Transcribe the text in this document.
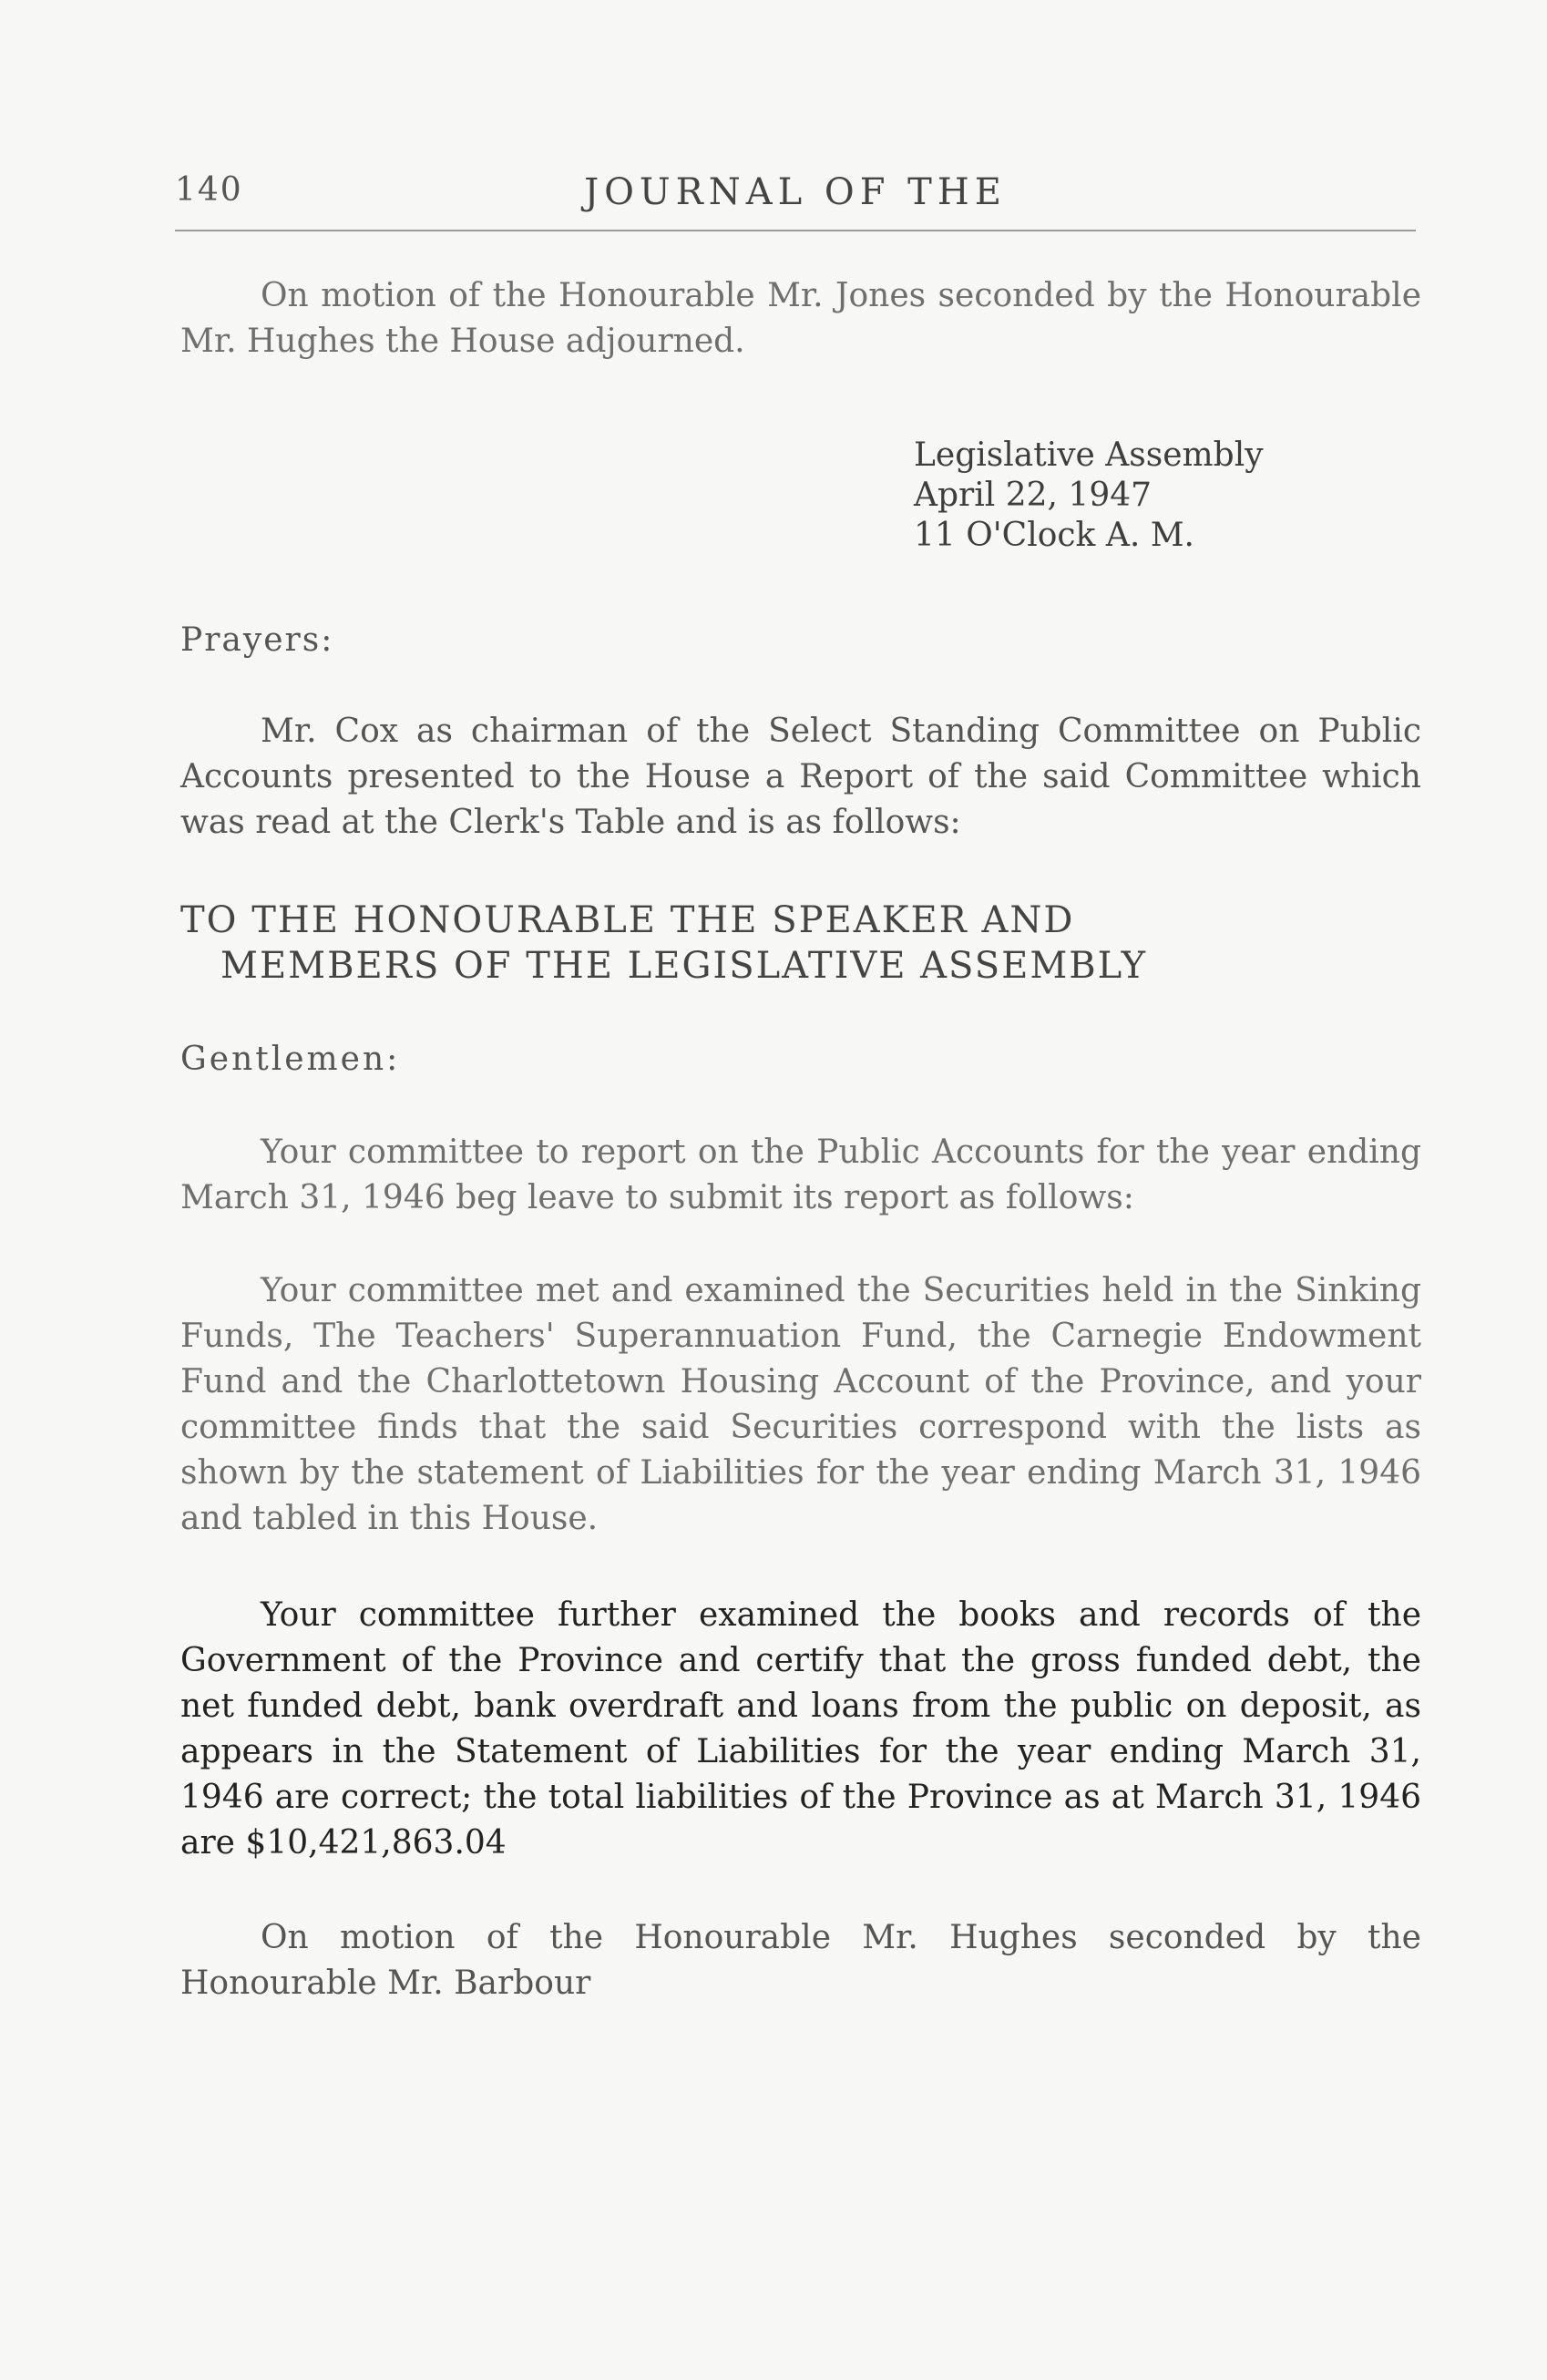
140	JOURNAL OF THE

On motion of the Honourable Mr. Jones seconded by the Honourable Mr. Hughes the House adjourned.

Legislative Assembly
April 22, 1947
11 O'Clock A. M.
Prayers:

Mr. Cox as chairman of the Select Standing Committee on Public Accounts presented to the House a Report of the said Committee which was read at the Clerk's Table and is as follows:

TO THE HONOURABLE THE SPEAKER AND
MEMBERS OF THE LEGISLATIVE ASSEMBLY
Gentlemen:

Your committee to report on the Public Accounts for the year ending March 31, 1946 beg leave to submit its report as follows:

Your committee met and examined the Securities held in the Sinking Funds, The Teachers' Superannuation Fund, the Carnegie Endowment Fund and the Charlottetown Housing Account of the Province, and your committee finds that the said Securities correspond with the lists as shown by the statement of Liabilities for the year ending March 31, 1946 and tabled in this House.

Your committee further examined the books and records of the Government of the Province and certify that the gross funded debt, the net funded debt, bank overdraft and loans from the public on deposit, as appears in the Statement of Liabilities for the year ending March 31, 1946 are correct; the total liabilities of the Province as at March 31, 1946 are $10,421,863.04

On motion of the Honourable Mr. Hughes seconded by the Honourable Mr. Barbour
